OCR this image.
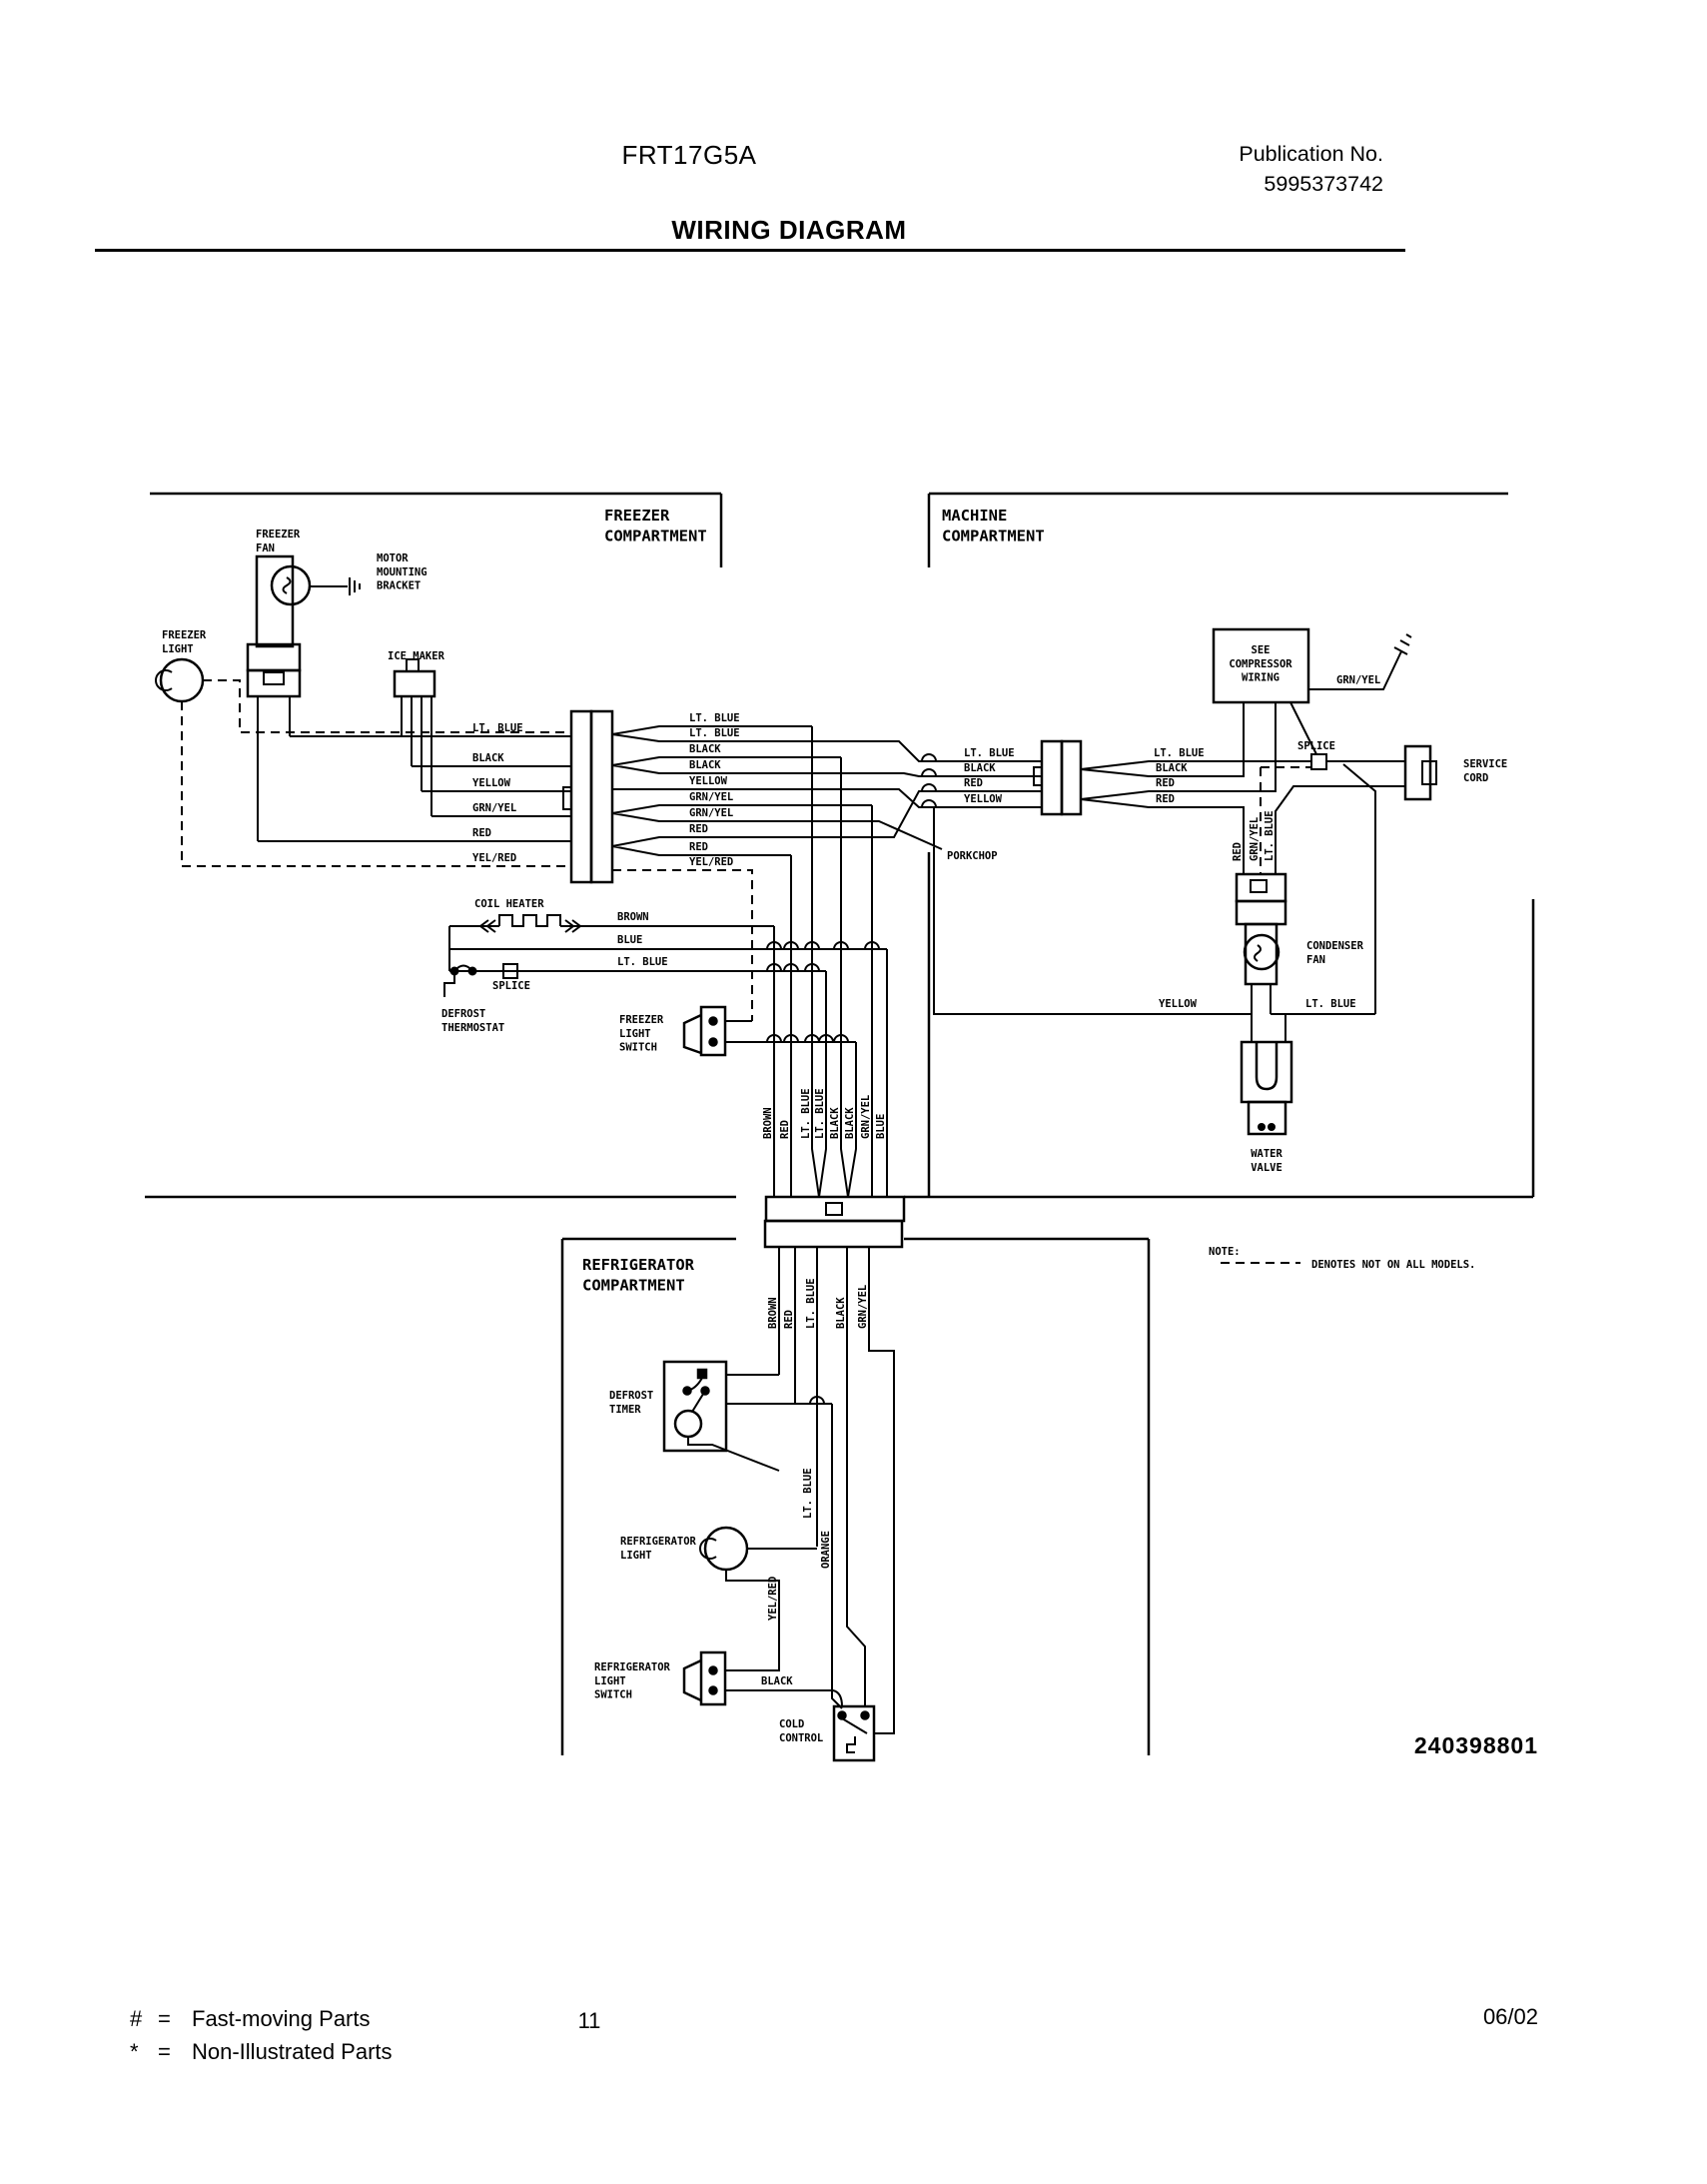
FRT17G5A	Publication No.
5995373742
WIRING DIAGRAM
FREEZER COMPARTMENT
MACHINE COMPARTMENT
REFRIGERATOR COMPARTMENT
FREEZER FAN
MOTOR MOUNTING BRACKET
FREEZER LIGHT
ICE MAKER
COIL HEATER
SPLICE
DEFROST THERMOSTAT
FREEZER LIGHT SWITCH
PORKCHOP
SEE COMPRESSOR WIRING	GRN/YEL
SPLICE
SERVICE CORD
CONDENSER FAN
WATER VALVE
NOTE:
DENOTES NOT ON ALL MODELS.
DEFROST TIMER
REFRIGERATOR LIGHT
REFRIGERATOR LIGHT SWITCH
COLD CONTROL
LT. BLUE
BLACK
YELLOW
GRN/YEL
RED
YEL/RED
LT. BLUE
LT. BLUE
BLACK
BLACK
YELLOW
GRN/YEL
GRN/YEL
RED
RED
YEL/RED
LT. BLUE
BLACK
RED
YELLOW
LT. BLUE
BLACK
RED
RED
BROWN
BLUE
LT. BLUE
YELLOW	LT. BLUE
BLACK
BROWN RED LT. BLUE LT. BLUE BLACK BLACK GRN/YEL BLUE
BROWN RED LT. BLUE BLACK GRN/YEL
LT. BLUE
YEL/RED
ORANGE
RED GRN/YEL LT. BLUE
240398801
# = Fast-moving Parts
* = Non-Illustrated Parts
11	06/02
